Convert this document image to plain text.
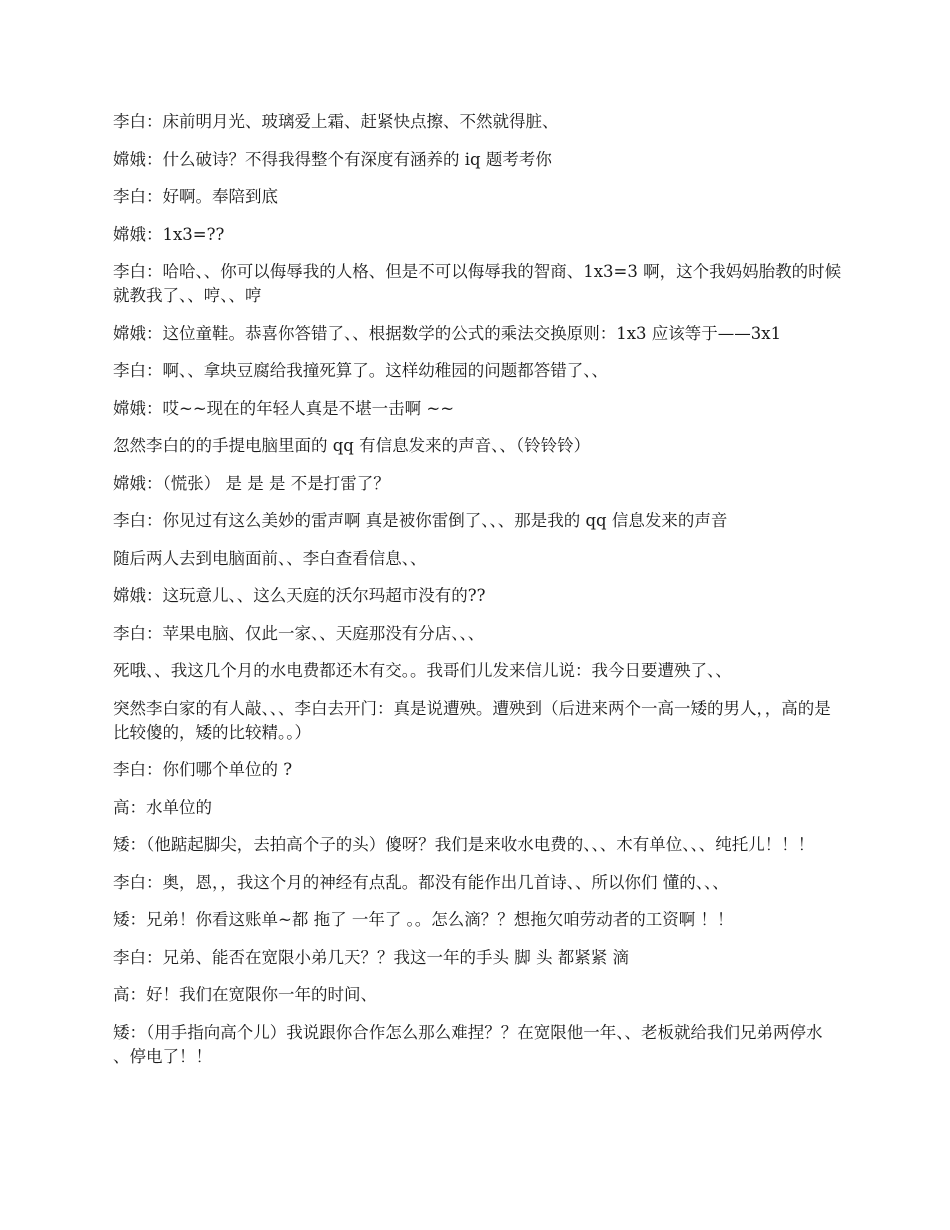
李白：床前明月光、玻璃爱上霜、赶紧快点擦、不然就得脏、

嫦娥：什么破诗？不得我得整个有深度有涵养的 iq 题考考你

李白：好啊。奉陪到底

嫦娥：1x3=??

李白：哈哈、、你可以侮辱我的人格、但是不可以侮辱我的智商、1x3=3 啊，这个我妈妈胎教的时候就教我了、、哼、、哼

嫦娥：这位童鞋。恭喜你答错了、、根据数学的公式的乘法交换原则：1x3 应该等于——3x1

李白：啊、、拿块豆腐给我撞死算了。这样幼稚园的问题都答错了、、

嫦娥：哎~~现在的年轻人真是不堪一击啊 ~~

忽然李白的的手提电脑里面的 qq 有信息发来的声音、、（铃铃铃）

嫦娥：（慌张） 是 是 是 不是打雷了？

李白：你见过有这么美妙的雷声啊 真是被你雷倒了、、、那是我的 qq 信息发来的声音

随后两人去到电脑面前、、李白查看信息、、

嫦娥：这玩意儿、、这么天庭的沃尔玛超市没有的??

李白：苹果电脑、仅此一家、、天庭那没有分店、、、

死哦、、我这几个月的水电费都还木有交。。我哥们儿发来信儿说：我今日要遭殃了、、

突然李白家的有人敲、、、李白去开门：真是说遭殃。遭殃到（后进来两个一高一矮的男人，，高的是比较傻的，矮的比较精。。）

李白：你们哪个单位的 ?

高：水单位的

矮：（他踮起脚尖，去拍高个子的头）傻呀？我们是来收水电费的、、、木有单位、、、纯托儿！！！

李白：奥，恩，，我这个月的神经有点乱。都没有能作出几首诗、、所以你们 懂的、、、

矮：兄弟！你看这账单~都 拖了 一年了 。。怎么滴？？想拖欠咱劳动者的工资啊 ！！

李白：兄弟、能否在宽限小弟几天？？我这一年的手头 脚 头 都紧紧 滴

高：好！我们在宽限你一年的时间、

矮：（用手指向高个儿）我说跟你合作怎么那么难捏？？在宽限他一年、、老板就给我们兄弟两停水 、停电了！！
